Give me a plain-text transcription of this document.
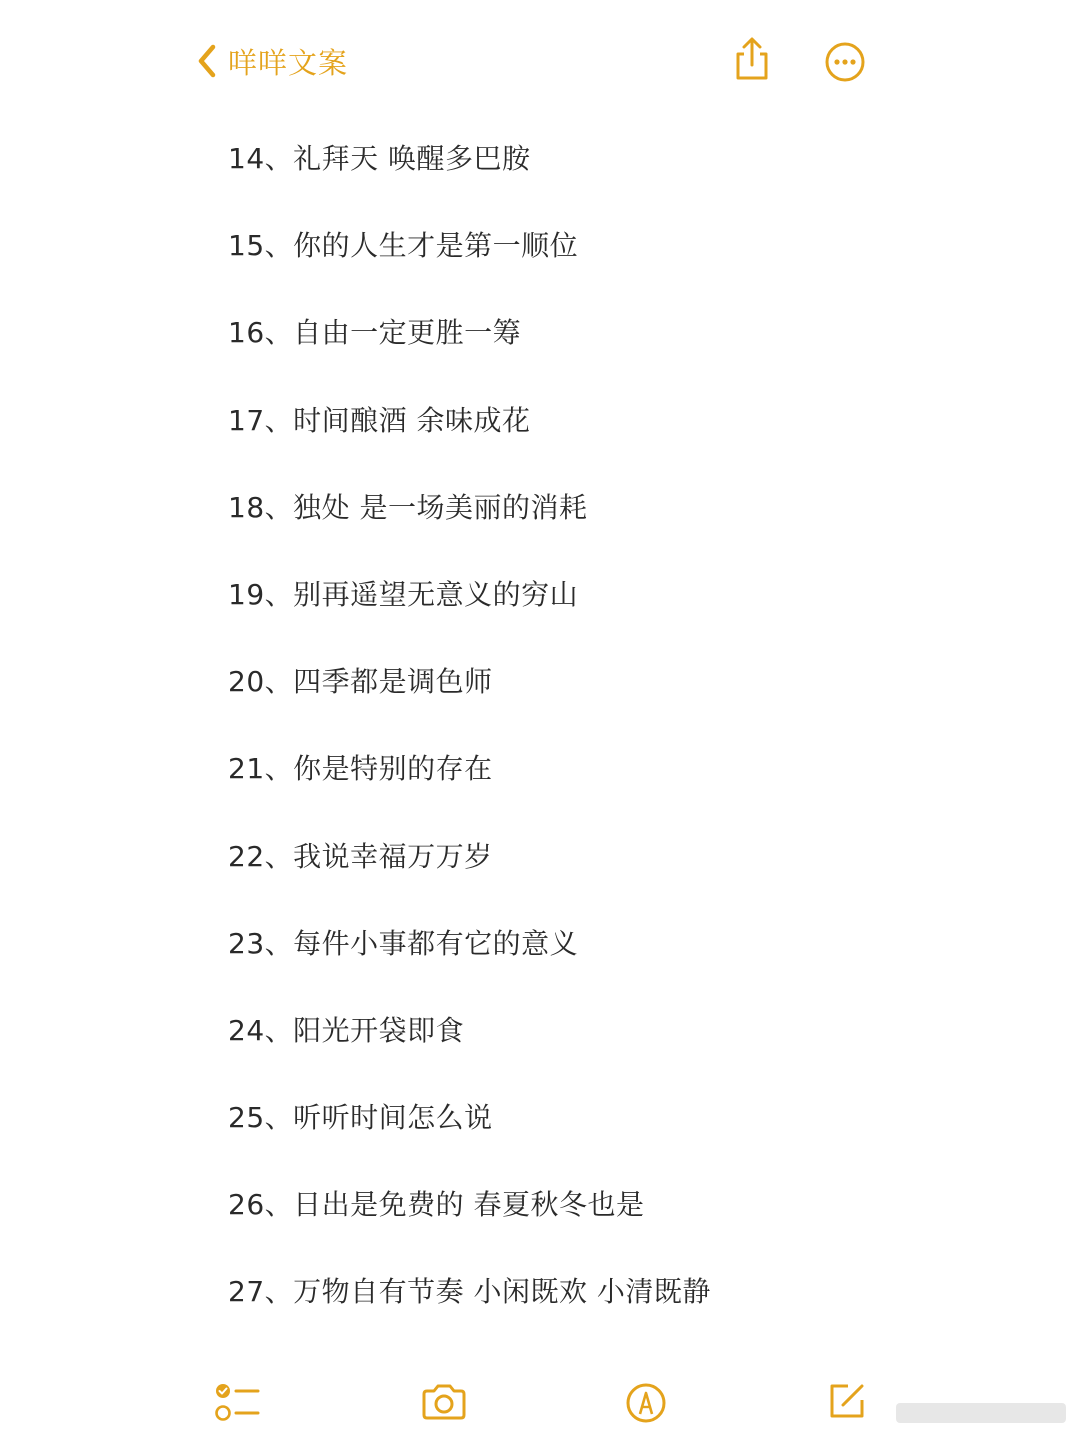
咩咩文案
14、礼拜天 唤醒多巴胺
15、你的人生才是第一顺位
16、自由一定更胜一筹
17、时间酿酒 余味成花
18、独处 是一场美丽的消耗
19、别再遥望无意义的穷山
20、四季都是调色师
21、你是特别的存在
22、我说幸福万万岁
23、每件小事都有它的意义
24、阳光开袋即食
25、听听时间怎么说
26、日出是免费的 春夏秋冬也是
27、万物自有节奏 小闲既欢 小清既静
